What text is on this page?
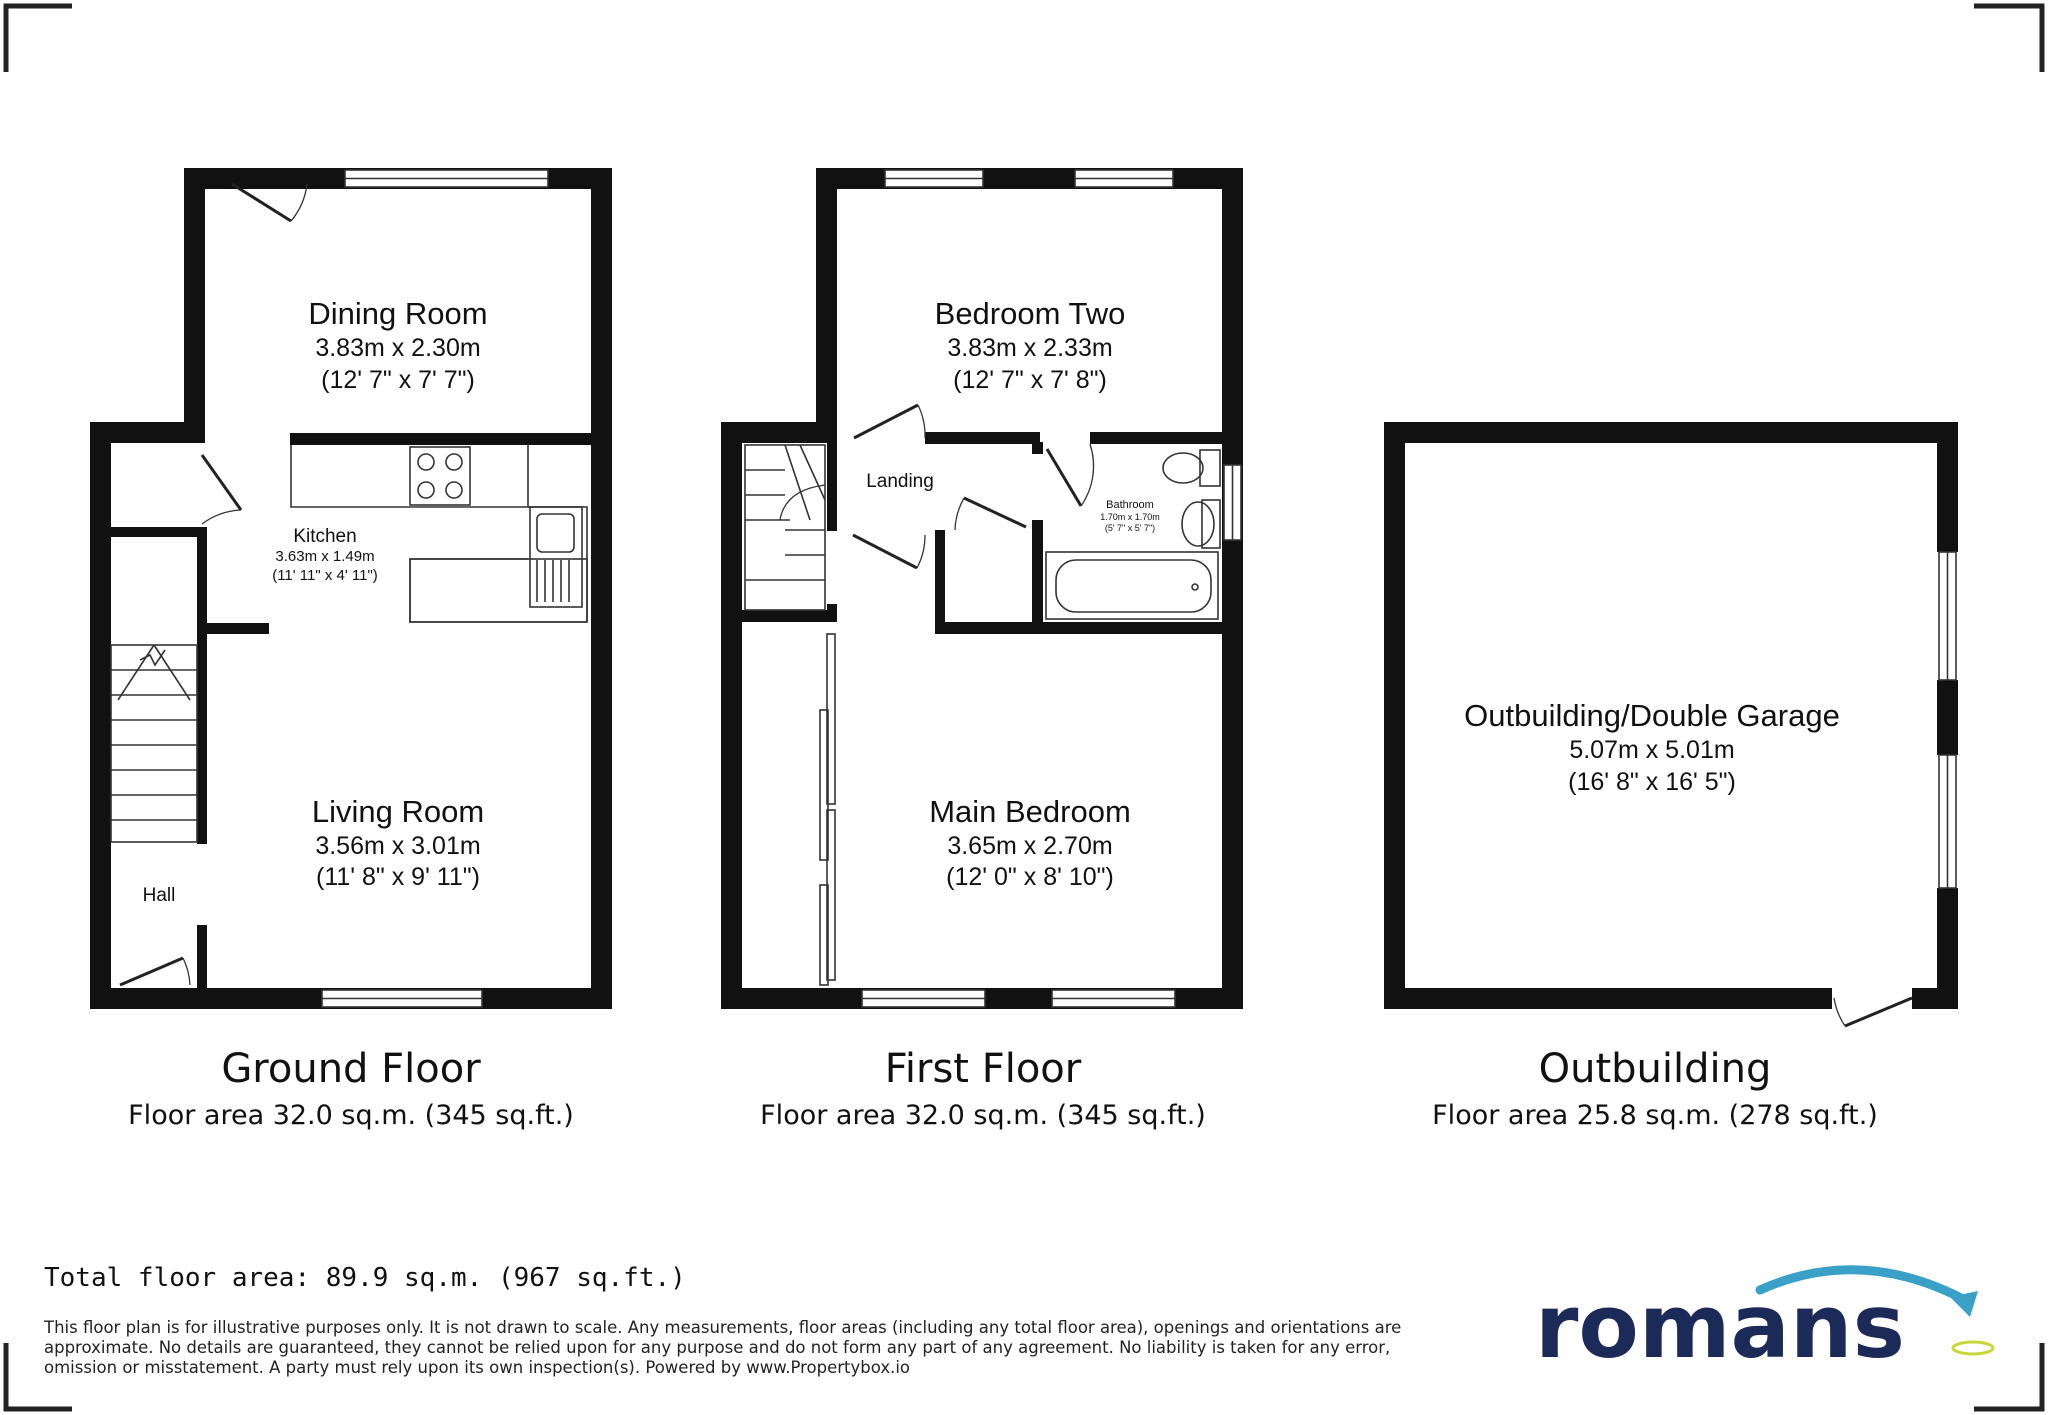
Dining Room
3.83m x 2.30m
(12' 7" x 7' 7")
Kitchen
3.63m x 1.49m
(11' 11" x 4' 11")
Living Room
3.56m x 3.01m
(11' 8" x 9' 11")
Hall
Ground Floor
Floor area 32.0 sq.m. (345 sq.ft.)
Bedroom Two
3.83m x 2.33m
(12' 7" x 7' 8")
Landing
Bathroom
1.70m x 1.70m
(5' 7" x 5' 7")
Main Bedroom
3.65m x 2.70m
(12' 0" x 8' 10")
First Floor
Floor area 32.0 sq.m. (345 sq.ft.)
Outbuilding/Double Garage
5.07m x 5.01m
(16' 8" x 16' 5")
Outbuilding
Floor area 25.8 sq.m. (278 sq.ft.)
Total floor area: 89.9 sq.m. (967 sq.ft.)
This floor plan is for illustrative purposes only. It is not drawn to scale. Any measurements, floor areas (including any total floor area), openings and orientations are approximate. No details are guaranteed, they cannot be relied upon for any purpose and do not form any part of any agreement. No liability is taken for any error, omission or misstatement. A party must rely upon its own inspection(s). Powered by www.Propertybox.io	romans
